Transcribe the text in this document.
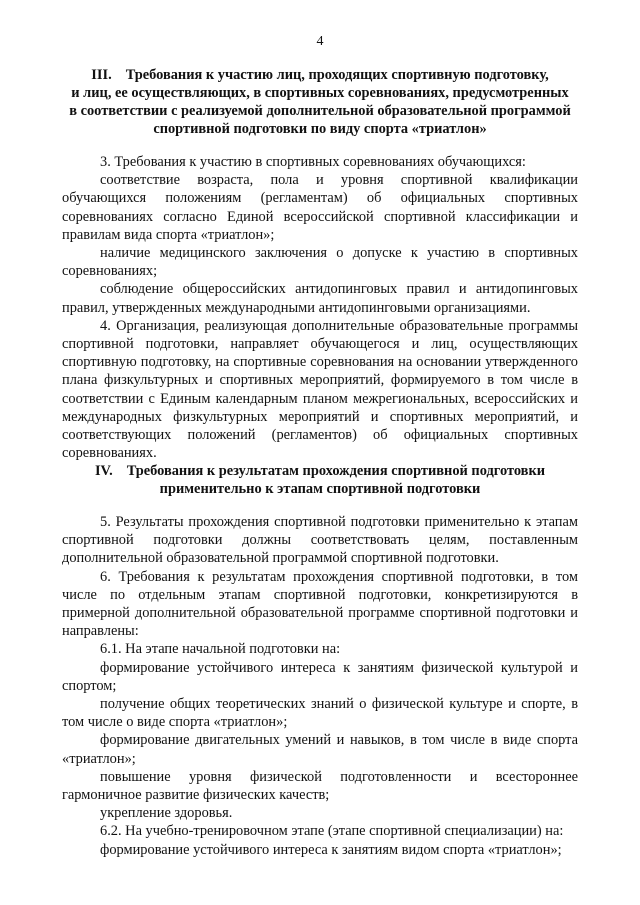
4
III. Требования к участию лиц, проходящих спортивную подготовку,
и лиц, ее осуществляющих, в спортивных соревнованиях, предусмотренных
в соответствии с реализуемой дополнительной образовательной программой
спортивной подготовки по виду спорта «триатлон»

3. Требования к участию в спортивных соревнованиях обучающихся:

соответствие возраста, пола и уровня спортивной квалификации обучающихся положениям (регламентам) об официальных спортивных соревнованиях согласно Единой всероссийской спортивной классификации и правилам вида спорта «триатлон»;

наличие медицинского заключения о допуске к участию в спортивных соревнованиях;

соблюдение общероссийских антидопинговых правил и антидопинговых правил, утвержденных международными антидопинговыми организациями.

4. Организация, реализующая дополнительные образовательные программы спортивной подготовки, направляет обучающегося и лиц, осуществляющих спортивную подготовку, на спортивные соревнования на основании утвержденного плана физкультурных и спортивных мероприятий, формируемого в том числе в соответствии с Единым календарным планом межрегиональных, всероссийских и международных физкультурных мероприятий и спортивных мероприятий, и соответствующих положений (регламентов) об официальных спортивных соревнованиях.

IV. Требования к результатам прохождения спортивной подготовки
применительно к этапам спортивной подготовки

5. Результаты прохождения спортивной подготовки применительно к этапам спортивной подготовки должны соответствовать целям, поставленным дополнительной образовательной программой спортивной подготовки.

6. Требования к результатам прохождения спортивной подготовки, в том числе по отдельным этапам спортивной подготовки, конкретизируются в примерной дополнительной образовательной программе спортивной подготовки и направлены:

6.1. На этапе начальной подготовки на:

формирование устойчивого интереса к занятиям физической культурой и спортом;

получение общих теоретических знаний о физической культуре и спорте, в том числе о виде спорта «триатлон»;

формирование двигательных умений и навыков, в том числе в виде спорта «триатлон»;

повышение уровня физической подготовленности и всестороннее гармоничное развитие физических качеств;

укрепление здоровья.

6.2. На учебно-тренировочном этапе (этапе спортивной специализации) на:

формирование устойчивого интереса к занятиям видом спорта «триатлон»;
